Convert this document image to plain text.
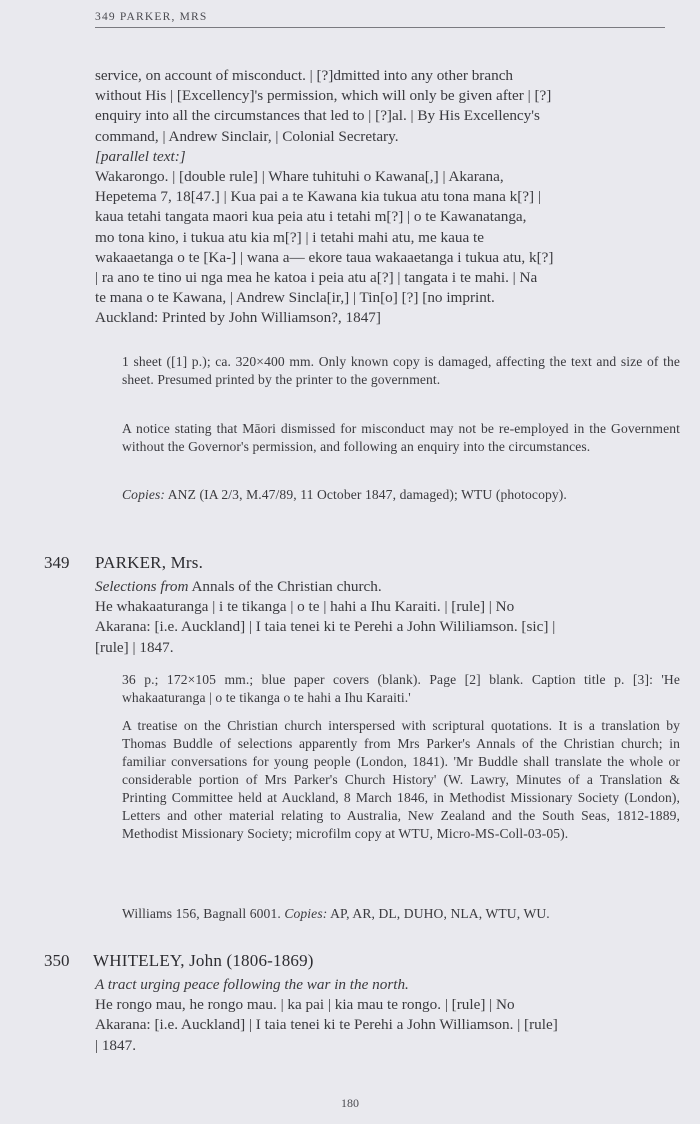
349 PARKER, MRS
service, on account of misconduct. | [?]dmitted into any other branch
without His | [Excellency]'s permission, which will only be given after | [?]
enquiry into all the circumstances that led to | [?]al. | By His Excellency's
command, | Andrew Sinclair, | Colonial Secretary.
[parallel text:]
Wakarongo. | [double rule] | Whare tuhituhi o Kawana[,] | Akarana,
Hepetema 7, 18[47.] | Kua pai a te Kawana kia tukua atu tona mana k[?] |
kaua tetahi tangata maori kua peia atu i tetahi m[?] | o te Kawanatanga,
mo tona kino, i tukua atu kia m[?] | i tetahi mahi atu, me kaua te
wakaaetanga o te [Ka-] | wana a— ekore taua wakaaetanga i tukua atu, k[?]
| ra ano te tino ui nga mea he katoa i peia atu a[?] | tangata i te mahi. | Na
te mana o te Kawana, | Andrew Sincla[ir,] | Tin[o] [?] [no imprint.
Auckland: Printed by John Williamson?, 1847]

1 sheet ([1] p.); ca. 320×400 mm. Only known copy is damaged, affecting the text and size of the sheet. Presumed printed by the printer to the government.

A notice stating that Māori dismissed for misconduct may not be re-employed in the Government without the Governor's permission, and following an enquiry into the circumstances.

Copies: ANZ (IA 2/3, M.47/89, 11 October 1847, damaged); WTU (photocopy).

349 PARKER, Mrs.
Selections from Annals of the Christian church.
He whakaaturanga | i te tikanga | o te | hahi a Ihu Karaiti. | [rule] | No
Akarana: [i.e. Auckland] | I taia tenei ki te Perehi a John Wililiamson. [sic] |
[rule] | 1847.

36 p.; 172×105 mm.; blue paper covers (blank). Page [2] blank. Caption title p. [3]: 'He whakaaturanga | o te tikanga o te hahi a Ihu Karaiti.'

A treatise on the Christian church interspersed with scriptural quotations. It is a translation by Thomas Buddle of selections apparently from Mrs Parker's Annals of the Christian church; in familiar conversations for young people (London, 1841). 'Mr Buddle shall translate the whole or considerable portion of Mrs Parker's Church History' (W. Lawry, Minutes of a Translation & Printing Committee held at Auckland, 8 March 1846, in Methodist Missionary Society (London), Letters and other material relating to Australia, New Zealand and the South Seas, 1812-1889, Methodist Missionary Society; microfilm copy at WTU, Micro-MS-Coll-03-05).

Williams 156, Bagnall 6001. Copies: AP, AR, DL, DUHO, NLA, WTU, WU.

350 WHITELEY, John (1806-1869)
A tract urging peace following the war in the north.
He rongo mau, he rongo mau. | ka pai | kia mau te rongo. | [rule] | No
Akarana: [i.e. Auckland] | I taia tenei ki te Perehi a John Williamson. | [rule]
| 1847.
180
